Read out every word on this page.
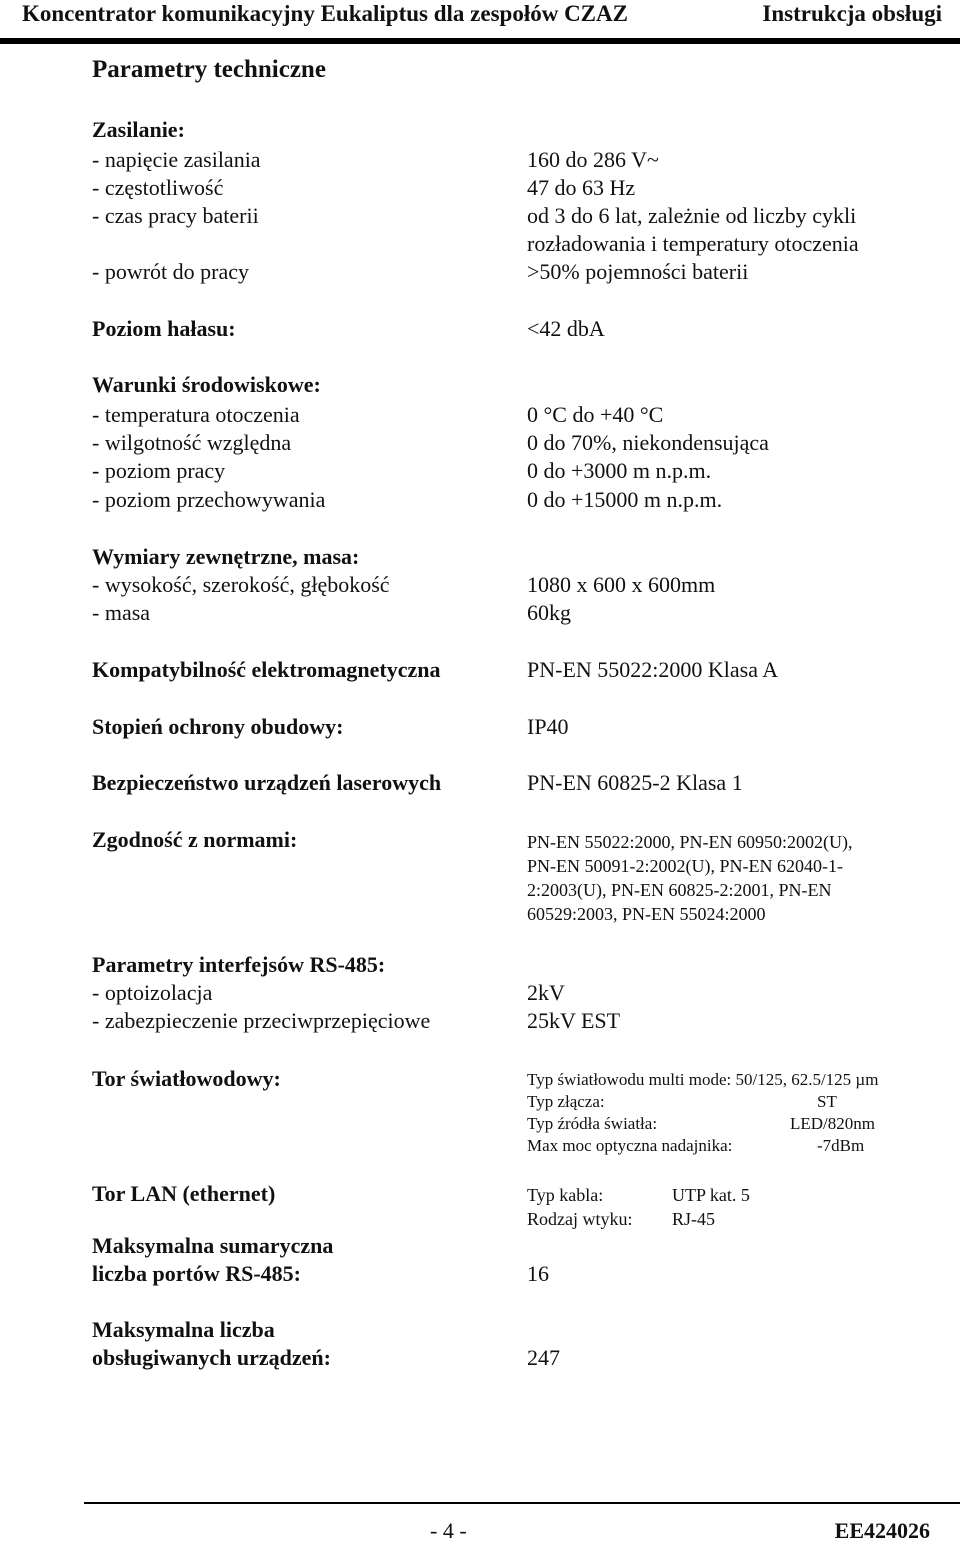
Koncentrator komunikacyjny Eukaliptus dla zespołów CZAZ	Instrukcja obsługi
Parametry techniczne
Zasilanie:
- napięcie zasilania	160 do 286 V~
- częstotliwość	47 do 63 Hz
- czas pracy baterii	od 3 do 6 lat, zależnie od liczby cykli
rozładowania i temperatury otoczenia
- powrót do pracy	>50% pojemności baterii
Poziom hałasu:	<42 dbA
Warunki środowiskowe:
- temperatura otoczenia	0 °C do +40 °C
- wilgotność względna	0 do 70%, niekondensująca
- poziom pracy	0 do +3000 m n.p.m.
- poziom przechowywania	0 do +15000 m n.p.m.
Wymiary zewnętrzne, masa:
- wysokość, szerokość, głębokość	1080 x 600 x 600mm
- masa	60kg
Kompatybilność elektromagnetyczna	PN-EN 55022:2000 Klasa A
Stopień ochrony obudowy:	IP40
Bezpieczeństwo urządzeń laserowych	PN-EN 60825-2 Klasa 1
Zgodność z normami:	PN-EN 55022:2000, PN-EN 60950:2002(U),
PN-EN 50091-2:2002(U), PN-EN 62040-1-
2:2003(U), PN-EN 60825-2:2001, PN-EN
60529:2003, PN-EN 55024:2000
Parametry interfejsów RS-485:
- optoizolacja	2kV
- zabezpieczenie przeciwprzepięciowe	25kV EST
Tor światłowodowy:	Typ światłowodu multi mode: 50/125, 62.5/125 µm
Typ złącza:	ST
Typ źródła światła:	LED/820nm
Max moc optyczna nadajnika:	-7dBm
Tor LAN (ethernet)	Typ kabla:	UTP kat. 5
Rodzaj wtyku: RJ-45
Maksymalna sumaryczna
liczba portów RS-485:	16
Maksymalna liczba
obsługiwanych urządzeń:	247
- 4 -	EE424026
